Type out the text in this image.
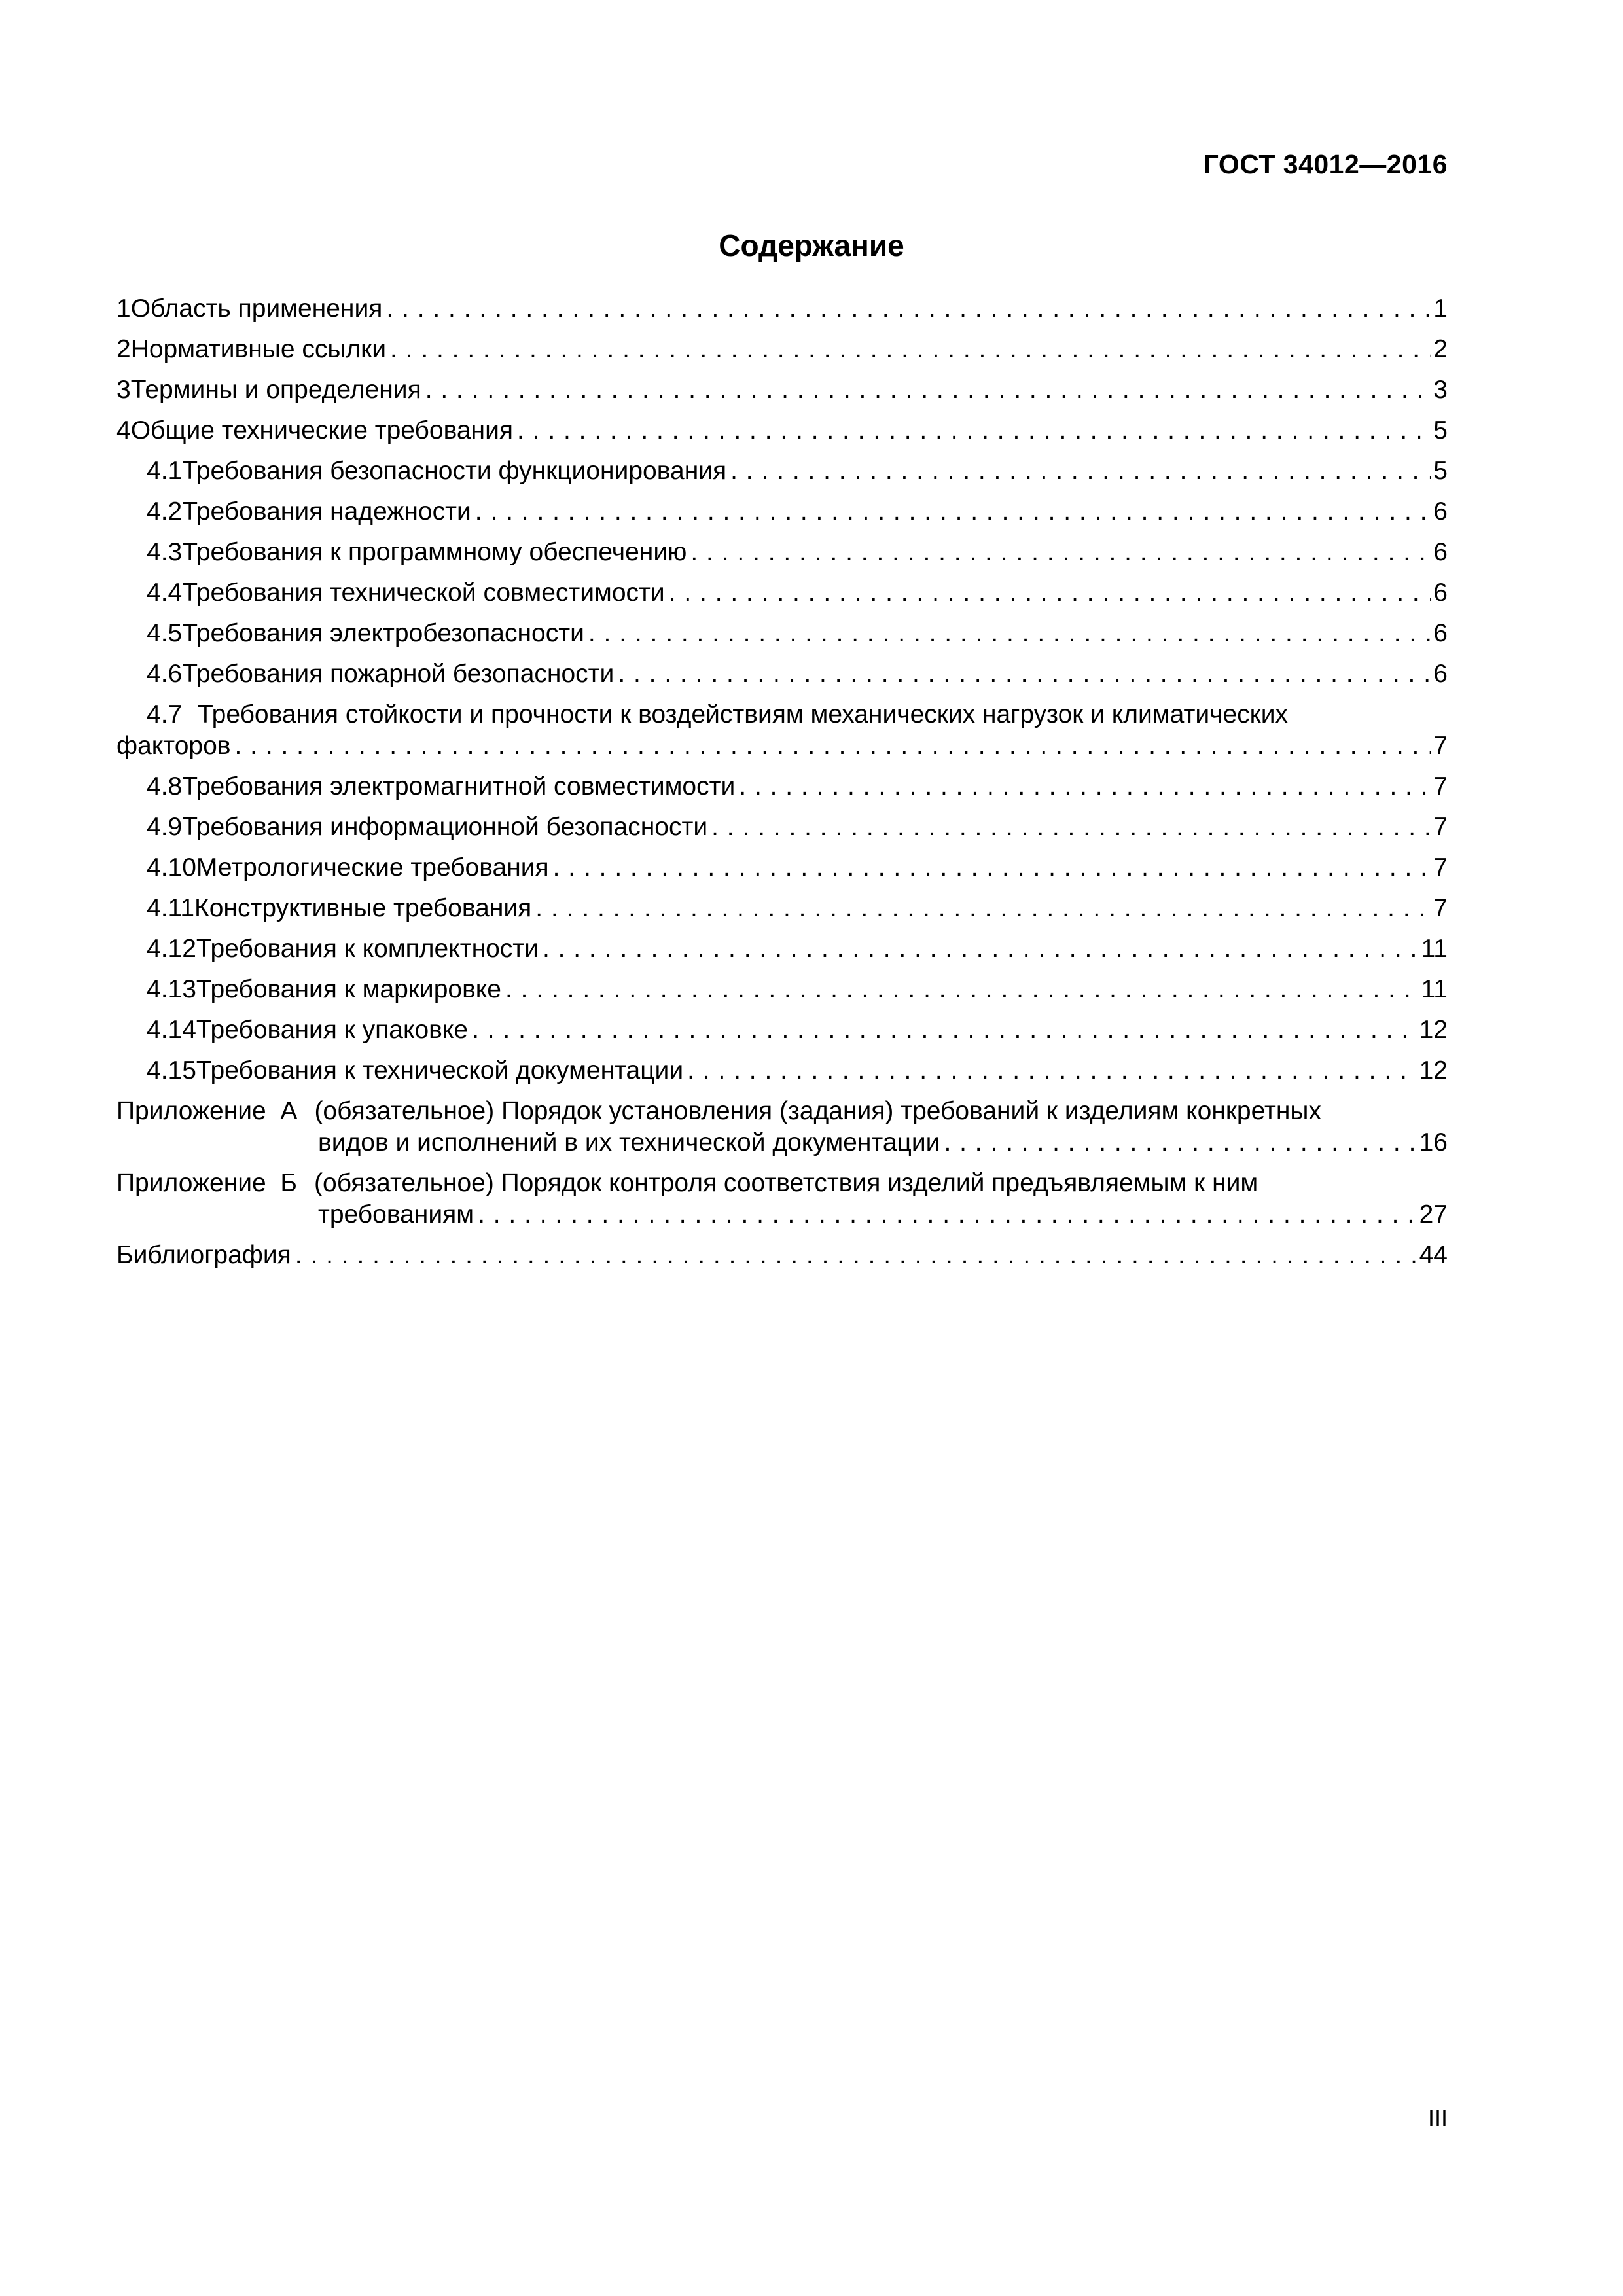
ГОСТ 34012—2016
Содержание
1 Область применения . . .	1
2 Нормативные ссылки . . .	2
3 Термины и определения . . .	3
4 Общие технические требования . . .	5
4.1 Требования безопасности функционирования . . .	5
4.2 Требования надежности . . .	6
4.3 Требования к программному обеспечению . . .	6
4.4 Требования технической совместимости . . .	6
4.5 Требования электробезопасности . . .	6
4.6 Требования пожарной безопасности . . .	6
4.7 Требования стойкости и прочности к воздействиям механических нагрузок и климатических
факторов . . .	7
4.8 Требования электромагнитной совместимости . . .	7
4.9 Требования информационной безопасности . . .	7
4.10 Метрологические требования . . .	7
4.11 Конструктивные требования . . .	7
4.12 Требования к комплектности . . .	11
4.13 Требования к маркировке . . .	11
4.14 Требования к упаковке . . .	12
4.15 Требования к технической документации . . .	12
Приложение  А (обязательное) Порядок установления (задания) требований к изделиям конкретных
видов и исполнений в их технической документации . . .	16
Приложение  Б (обязательное) Порядок контроля соответствия изделий предъявляемым к ним
требованиям . . .	27
Библиография . . .	44
III
